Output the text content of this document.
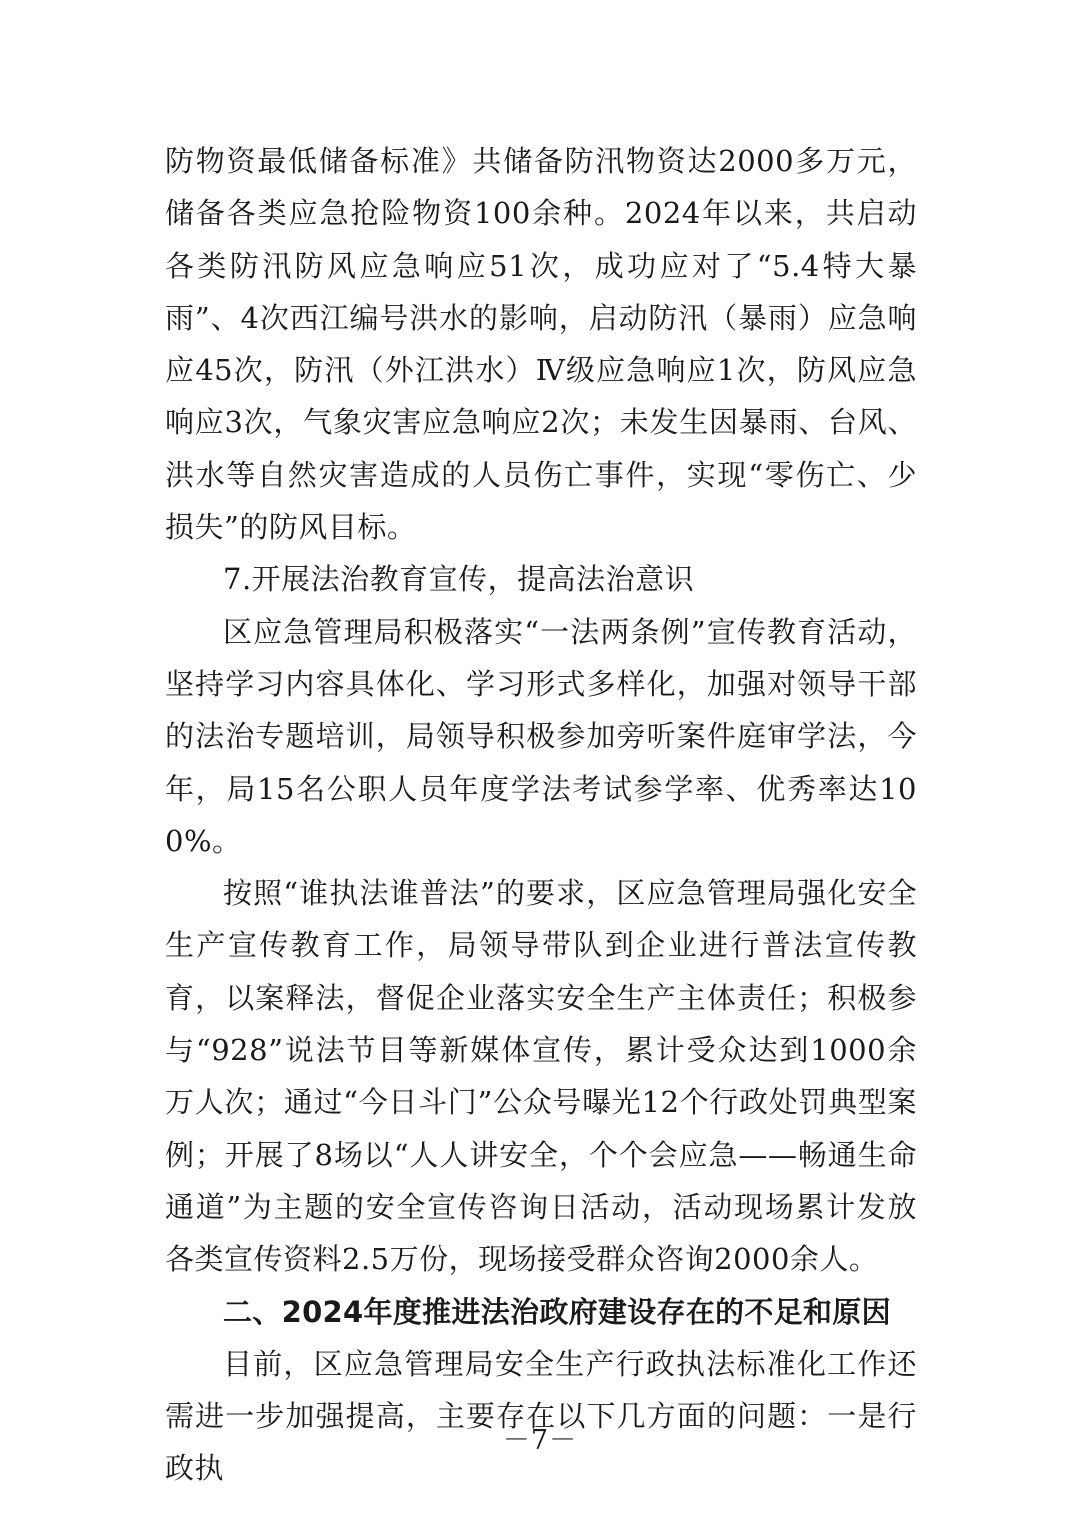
防物资最低储备标准》共储备防汛物资达2000多万元，储备各类应急抢险物资100余种。2024年以来，共启动各类防汛防风应急响应51次，成功应对了“5.4特大暴雨”、4次西江编号洪水的影响，启动防汛（暴雨）应急响应45次，防汛（外江洪水）Ⅳ级应急响应1次，防风应急响应3次，气象灾害应急响应2次；未发生因暴雨、台风、洪水等自然灾害造成的人员伤亡事件，实现“零伤亡、少损失”的防风目标。

7.开展法治教育宣传，提高法治意识

区应急管理局积极落实“一法两条例”宣传教育活动，坚持学习内容具体化、学习形式多样化，加强对领导干部的法治专题培训，局领导积极参加旁听案件庭审学法，今年，局15名公职人员年度学法考试参学率、优秀率达100%。

按照“谁执法谁普法”的要求，区应急管理局强化安全生产宣传教育工作，局领导带队到企业进行普法宣传教育，以案释法，督促企业落实安全生产主体责任；积极参与“928”说法节目等新媒体宣传，累计受众达到1000余万人次；通过“今日斗门”公众号曝光12个行政处罚典型案例；开展了8场以“人人讲安全，个个会应急——畅通生命通道”为主题的安全宣传咨询日活动，活动现场累计发放各类宣传资料2.5万份，现场接受群众咨询2000余人。

二、2024年度推进法治政府建设存在的不足和原因

目前，区应急管理局安全生产行政执法标准化工作还需进一步加强提高，主要存在以下几方面的问题：一是行政执

－7－
